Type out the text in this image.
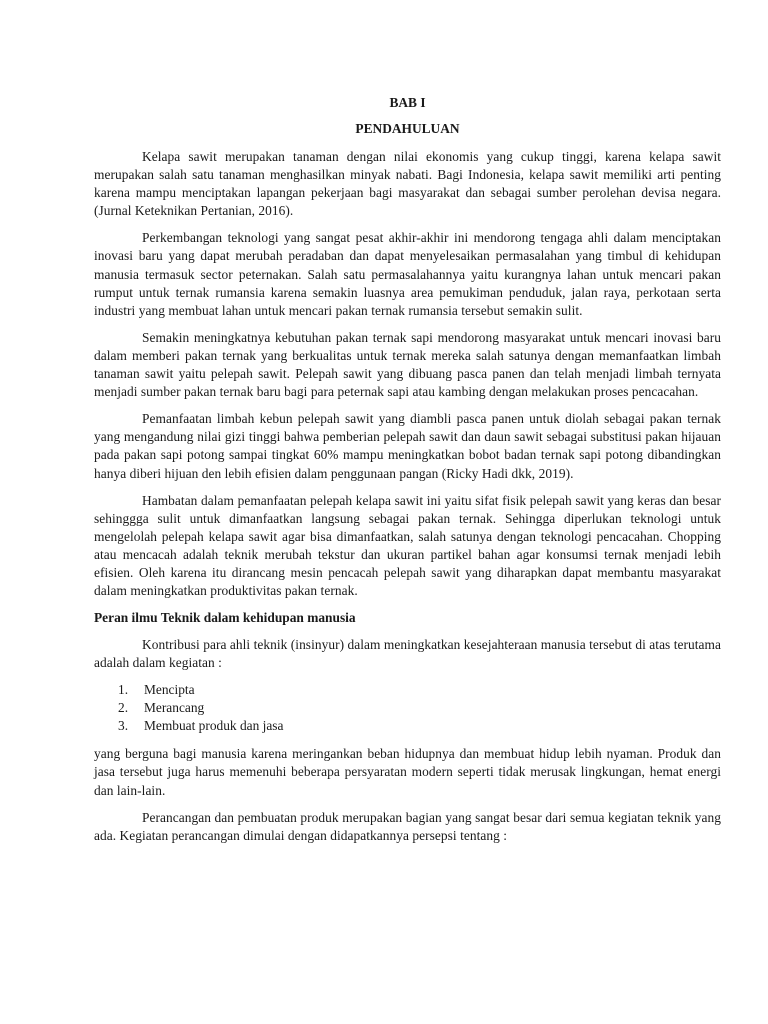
BAB I

PENDAHULUAN

Kelapa sawit merupakan tanaman dengan nilai ekonomis yang cukup tinggi, karena kelapa sawit merupakan salah satu tanaman menghasilkan minyak nabati. Bagi Indonesia, kelapa sawit memiliki arti penting karena mampu menciptakan lapangan pekerjaan bagi masyarakat dan sebagai sumber perolehan devisa negara. (Jurnal Keteknikan Pertanian, 2016).

Perkembangan teknologi yang sangat pesat akhir-akhir ini mendorong tengaga ahli dalam menciptakan inovasi baru yang dapat merubah peradaban dan dapat menyelesaikan permasalahan yang timbul di kehidupan manusia termasuk sector peternakan. Salah satu permasalahannya yaitu kurangnya lahan untuk mencari pakan rumput untuk ternak rumansia karena semakin luasnya area pemukiman penduduk, jalan raya, perkotaan serta industri yang membuat lahan untuk mencari pakan ternak rumansia tersebut semakin sulit.

Semakin meningkatnya kebutuhan pakan ternak sapi mendorong masyarakat untuk mencari inovasi baru dalam memberi pakan ternak yang berkualitas untuk ternak mereka salah satunya dengan memanfaatkan limbah tanaman sawit yaitu pelepah sawit. Pelepah sawit yang dibuang pasca panen dan telah menjadi limbah ternyata menjadi sumber pakan ternak baru bagi para peternak sapi atau kambing dengan melakukan proses pencacahan.

Pemanfaatan limbah kebun pelepah sawit yang diambli pasca panen untuk diolah sebagai pakan ternak yang mengandung nilai gizi tinggi bahwa pemberian pelepah sawit dan daun sawit sebagai substitusi pakan hijauan pada pakan sapi potong sampai tingkat 60% mampu meningkatkan bobot badan ternak sapi potong dibandingkan hanya diberi hijuan den lebih efisien dalam penggunaan pangan (Ricky Hadi dkk, 2019).

Hambatan dalam pemanfaatan pelepah kelapa sawit ini yaitu sifat fisik pelepah sawit yang keras dan besar sehinggga sulit untuk dimanfaatkan langsung sebagai pakan ternak. Sehingga diperlukan teknologi untuk mengelolah pelepah kelapa sawit agar bisa dimanfaatkan, salah satunya dengan teknologi pencacahan. Chopping atau mencacah adalah teknik merubah tekstur dan ukuran partikel bahan agar konsumsi ternak menjadi lebih efisien. Oleh karena itu dirancang mesin pencacah pelepah sawit yang diharapkan dapat membantu masyarakat dalam meningkatkan produktivitas pakan ternak.

Peran ilmu Teknik dalam kehidupan manusia

Kontribusi para ahli teknik (insinyur) dalam meningkatkan kesejahteraan manusia tersebut di atas terutama adalah dalam kegiatan :

1.	Mencipta
2.	Merancang
3.	Membuat produk dan jasa

yang berguna bagi manusia karena meringankan beban hidupnya dan membuat hidup lebih nyaman. Produk dan jasa tersebut juga harus memenuhi beberapa persyaratan modern seperti tidak merusak lingkungan, hemat energi dan lain-lain.

Perancangan dan pembuatan produk merupakan bagian yang sangat besar dari semua kegiatan teknik yang ada. Kegiatan perancangan dimulai dengan didapatkannya persepsi tentang :
